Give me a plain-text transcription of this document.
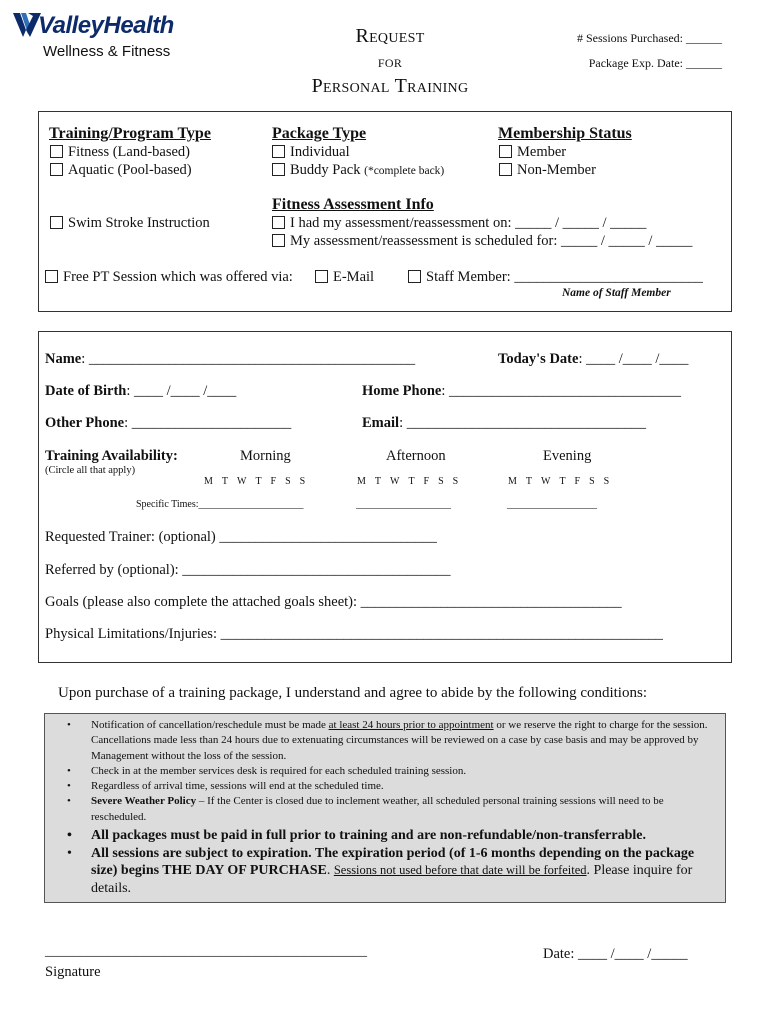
ValleyHealth
Wellness & Fitness
Request
for
Personal Training
# Sessions Purchased: ______
Package Exp. Date: ______
Training/Program Type
Fitness (Land-based)
Aquatic (Pool-based)
Package Type
Individual
Buddy Pack (*complete back)
Membership Status
Member
Non-Member
Swim Stroke Instruction
Fitness Assessment Info
I had my assessment/reassessment on: _____ / _____ / _____
My assessment/reassessment is scheduled for: _____ / _____ / _____
Free PT Session which was offered via:	E-Mail	Staff Member: __________________________
Name of Staff Member
Name: _____________________________________________	Today's Date: ____ /____ /____
Date of Birth: ____ /____ /____	Home Phone: ________________________________
Other Phone: ______________________	Email: _________________________________
Training Availability:
(Circle all that apply)
Morning	Afternoon	Evening
MTWTFSS	MTWTFSS	MTWTFSS
Specific Times:_____________________	___________________	__________________
Requested Trainer: (optional) ______________________________
Referred by (optional): _____________________________________
Goals (please also complete the attached goals sheet): ____________________________________
Physical Limitations/Injuries: _____________________________________________________________
Upon purchase of a training package, I understand and agree to abide by the following conditions:
• Notification of cancellation/reschedule must be made at least 24 hours prior to appointment or we reserve the right to charge for the session. Cancellations made less than 24 hours due to extenuating circumstances will be reviewed on a case by case basis and may be approved by Management without the loss of the session.
• Check in at the member services desk is required for each scheduled training session.
• Regardless of arrival time, sessions will end at the scheduled time.
• Severe Weather Policy – If the Center is closed due to inclement weather, all scheduled personal training sessions will need to be rescheduled.
• All packages must be paid in full prior to training and are non-refundable/non-transferrable.
• All sessions are subject to expiration. The expiration period (of 1-6 months depending on the package size) begins THE DAY OF PURCHASE. Sessions not used before that date will be forfeited. Please inquire for details.
______________________________________________
Signature
Date: ____ /____ /_____
